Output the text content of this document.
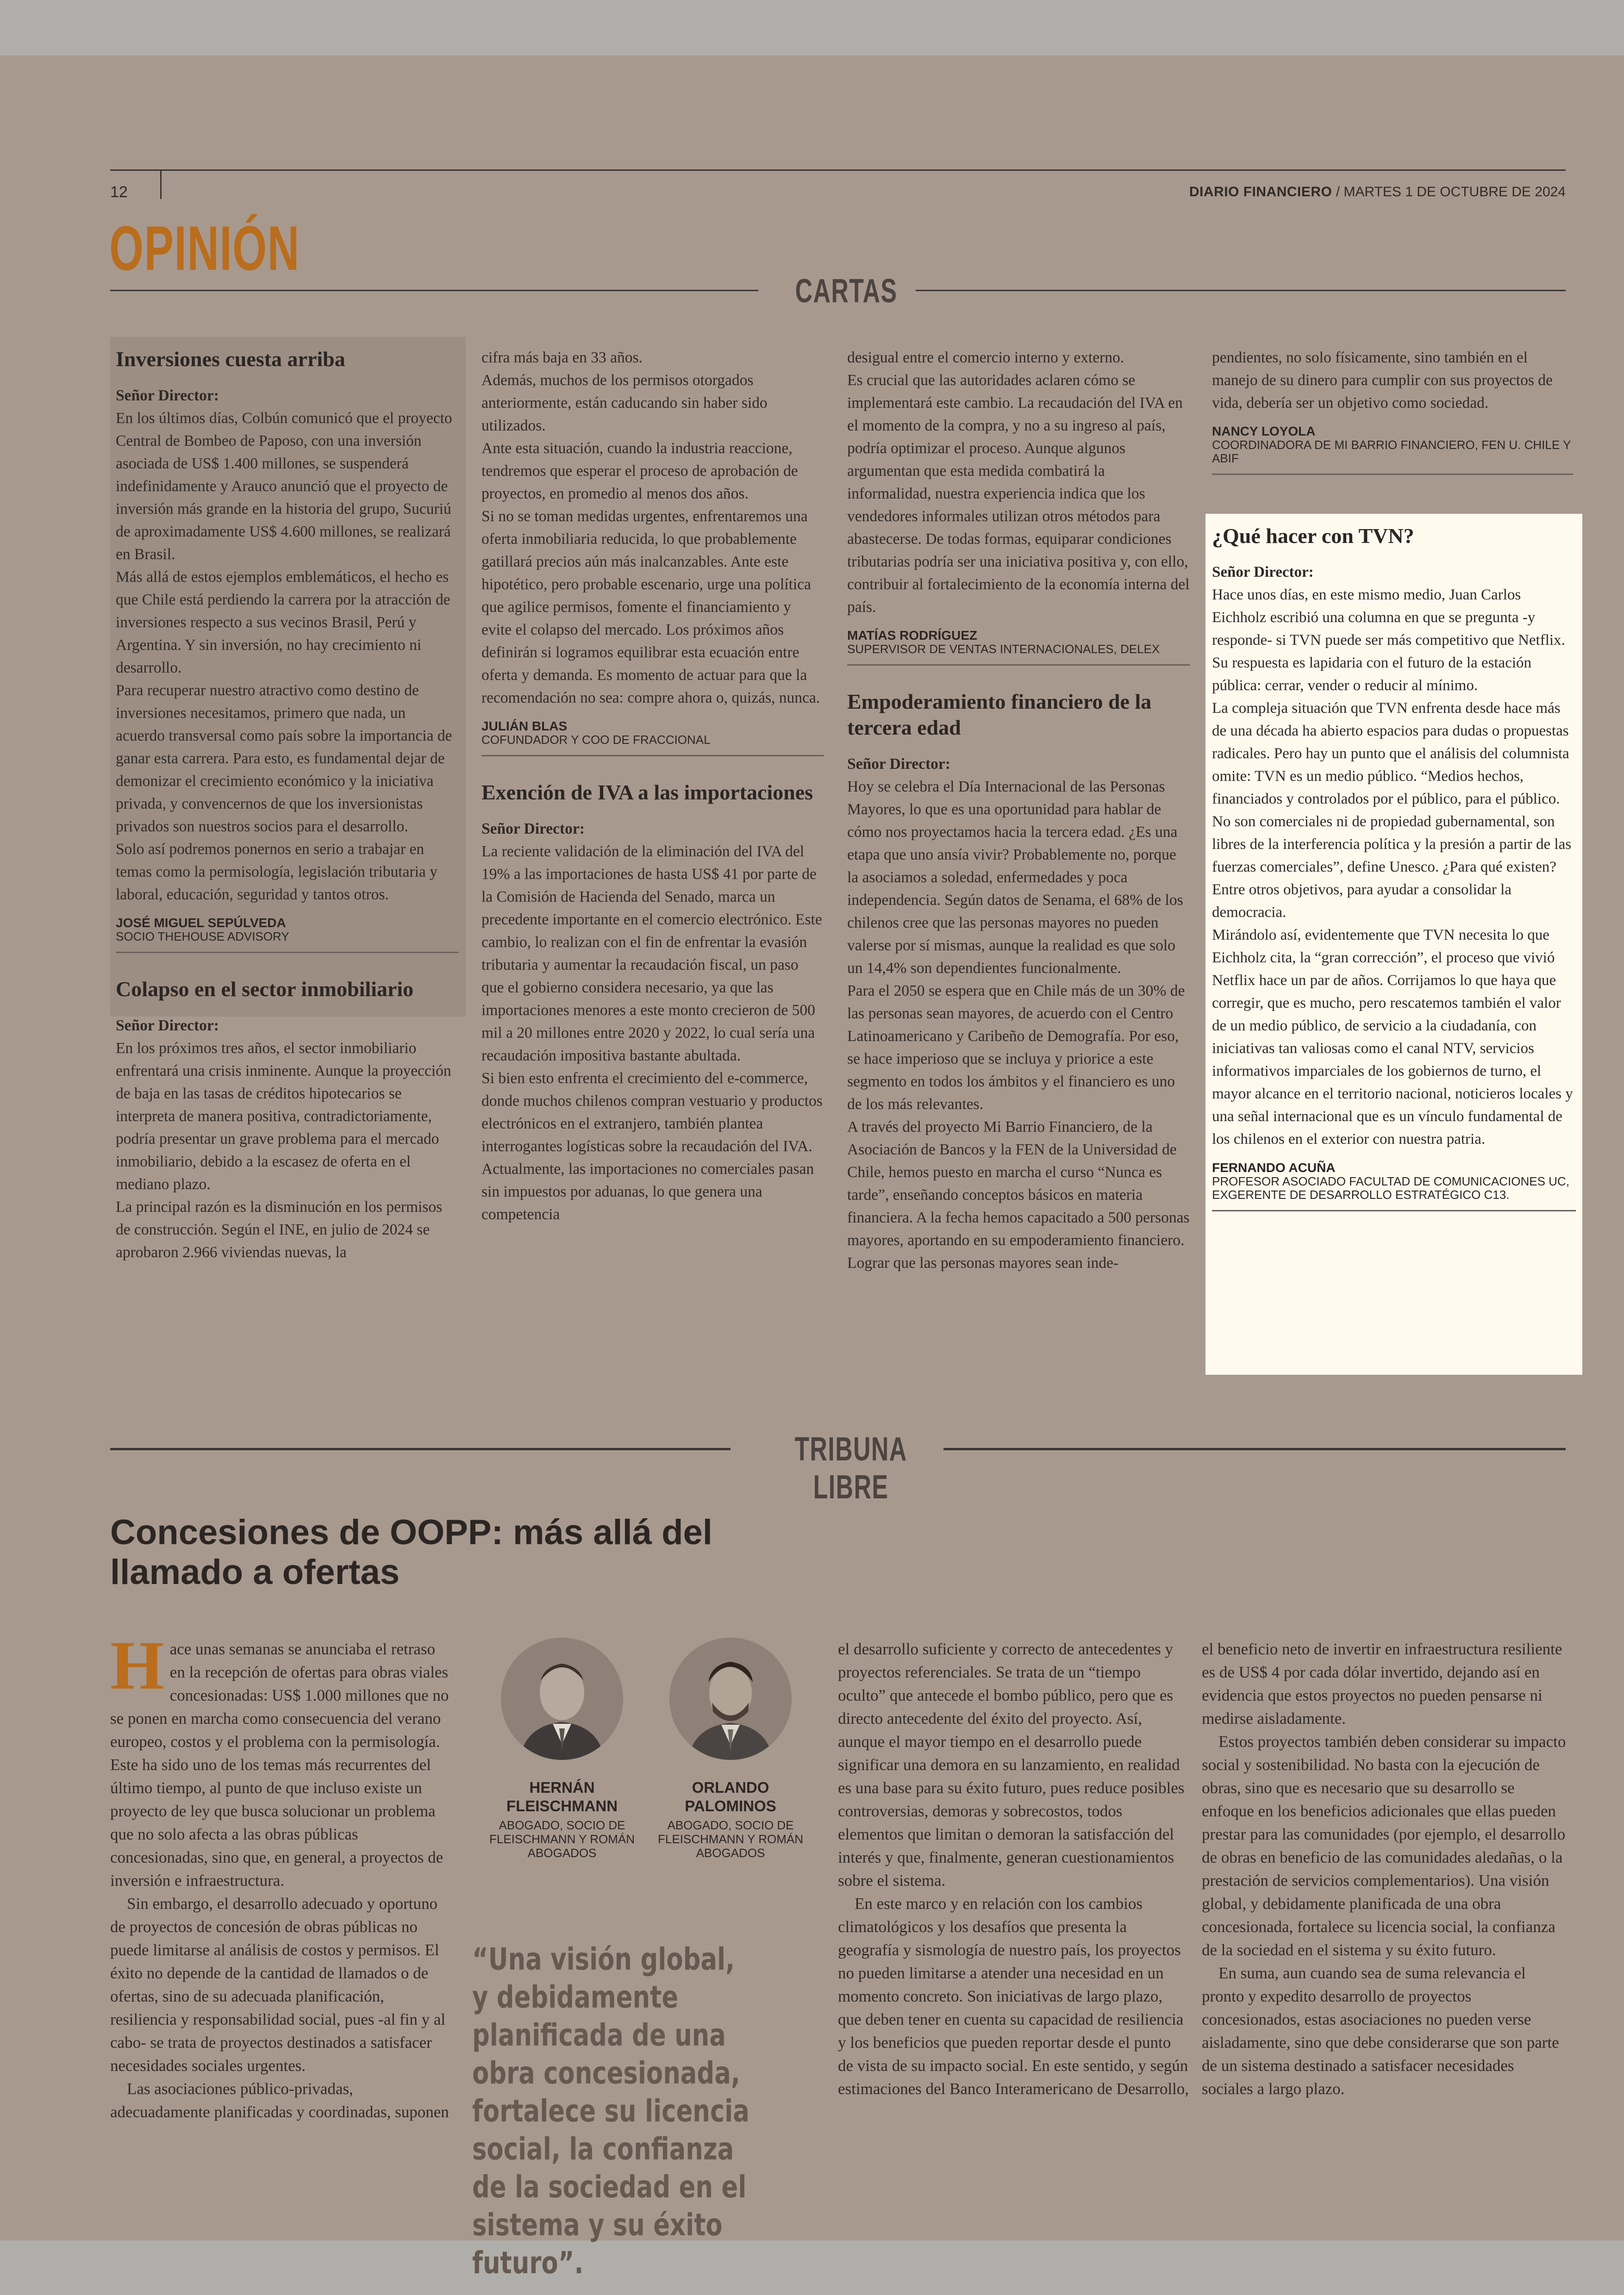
12	DIARIO FINANCIERO / MARTES 1 DE OCTUBRE DE 2024
OPINIÓN
CARTAS
Inversiones cuesta arriba

Señor Director:

En los últimos días, Colbún comunicó que el proyecto Central de Bombeo de Paposo, con una inversión asociada de US$ 1.400 millones, se suspenderá indefinidamente y Arauco anunció que el proyecto de inversión más grande en la historia del grupo, Sucuriú de aproximadamente US$ 4.600 millones, se realizará en Brasil.

Más allá de estos ejemplos emblemáticos, el hecho es que Chile está perdiendo la carrera por la atracción de inversiones respecto a sus vecinos Brasil, Perú y Argentina. Y sin inversión, no hay crecimiento ni desarrollo.

Para recuperar nuestro atractivo como destino de inversiones necesitamos, primero que nada, un acuerdo transversal como país sobre la importancia de ganar esta carrera. Para esto, es fundamental dejar de demonizar el crecimiento económico y la iniciativa privada, y convencernos de que los inversionistas privados son nuestros socios para el desarrollo.

Solo así podremos ponernos en serio a trabajar en temas como la permisología, legislación tributaria y laboral, educación, seguridad y tantos otros.

JOSÉ MIGUEL SEPÚLVEDA
SOCIO THEHOUSE ADVISORY
Colapso en el sector inmobiliario

Señor Director:

En los próximos tres años, el sector inmobiliario enfrentará una crisis inminente. Aunque la proyección de baja en las tasas de créditos hipotecarios se interpreta de manera positiva, contradictoriamente, podría presentar un grave problema para el mercado inmobiliario, debido a la escasez de oferta en el mediano plazo.

La principal razón es la disminución en los permisos de construcción. Según el INE, en julio de 2024 se aprobaron 2.966 viviendas nuevas, la

cifra más baja en 33 años.

Además, muchos de los permisos otorgados anteriormente, están caducando sin haber sido utilizados.

Ante esta situación, cuando la industria reaccione, tendremos que esperar el proceso de aprobación de proyectos, en promedio al menos dos años.

Si no se toman medidas urgentes, enfrentaremos una oferta inmobiliaria reducida, lo que probablemente gatillará precios aún más inalcanzables. Ante este hipotético, pero probable escenario, urge una política que agilice permisos, fomente el financiamiento y evite el colapso del mercado. Los próximos años definirán si logramos equilibrar esta ecuación entre oferta y demanda. Es momento de actuar para que la recomendación no sea: compre ahora o, quizás, nunca.

JULIÁN BLAS
COFUNDADOR Y COO DE FRACCIONAL
Exención de IVA a las importaciones

Señor Director:

La reciente validación de la eliminación del IVA del 19% a las importaciones de hasta US$ 41 por parte de la Comisión de Hacienda del Senado, marca un precedente importante en el comercio electrónico. Este cambio, lo realizan con el fin de enfrentar la evasión tributaria y aumentar la recaudación fiscal, un paso que el gobierno considera necesario, ya que las importaciones menores a este monto crecieron de 500 mil a 20 millones entre 2020 y 2022, lo cual sería una recaudación impositiva bastante abultada.

Si bien esto enfrenta el crecimiento del e-commerce, donde muchos chilenos compran vestuario y productos electrónicos en el extranjero, también plantea interrogantes logísticas sobre la recaudación del IVA. Actualmente, las importaciones no comerciales pasan sin impuestos por aduanas, lo que genera una competencia

desigual entre el comercio interno y externo.

Es crucial que las autoridades aclaren cómo se implementará este cambio. La recaudación del IVA en el momento de la compra, y no a su ingreso al país, podría optimizar el proceso. Aunque algunos argumentan que esta medida combatirá la informalidad, nuestra experiencia indica que los vendedores informales utilizan otros métodos para abastecerse. De todas formas, equiparar condiciones tributarias podría ser una iniciativa positiva y, con ello, contribuir al fortalecimiento de la economía interna del país.

MATÍAS RODRÍGUEZ
SUPERVISOR DE VENTAS INTERNACIONALES, DELEX
Empoderamiento financiero de la tercera edad

Señor Director:

Hoy se celebra el Día Internacional de las Personas Mayores, lo que es una oportunidad para hablar de cómo nos proyectamos hacia la tercera edad. ¿Es una etapa que uno ansía vivir? Probablemente no, porque la asociamos a soledad, enfermedades y poca independencia. Según datos de Senama, el 68% de los chilenos cree que las personas mayores no pueden valerse por sí mismas, aunque la realidad es que solo un 14,4% son dependientes funcionalmente.

Para el 2050 se espera que en Chile más de un 30% de las personas sean mayores, de acuerdo con el Centro Latinoamericano y Caribeño de Demografía. Por eso, se hace imperioso que se incluya y priorice a este segmento en todos los ámbitos y el financiero es uno de los más relevantes.

A través del proyecto Mi Barrio Financiero, de la Asociación de Bancos y la FEN de la Universidad de Chile, hemos puesto en marcha el curso “Nunca es tarde”, enseñando conceptos básicos en materia financiera. A la fecha hemos capacitado a 500 personas mayores, aportando en su empoderamiento financiero.

Lograr que las personas mayores sean inde-

pendientes, no solo físicamente, sino también en el manejo de su dinero para cumplir con sus proyectos de vida, debería ser un objetivo como sociedad.

NANCY LOYOLA
COORDINADORA DE MI BARRIO FINANCIERO, FEN U. CHILE Y ABIF
¿Qué hacer con TVN?

Señor Director:

Hace unos días, en este mismo medio, Juan Carlos Eichholz escribió una columna en que se pregunta -y responde- si TVN puede ser más competitivo que Netflix. Su respuesta es lapidaria con el futuro de la estación pública: cerrar, vender o reducir al mínimo.

La compleja situación que TVN enfrenta desde hace más de una década ha abierto espacios para dudas o propuestas radicales. Pero hay un punto que el análisis del columnista omite: TVN es un medio público. “Medios hechos, financiados y controlados por el público, para el público. No son comerciales ni de propiedad gubernamental, son libres de la interferencia política y la presión a partir de las fuerzas comerciales”, define Unesco. ¿Para qué existen? Entre otros objetivos, para ayudar a consolidar la democracia.

Mirándolo así, evidentemente que TVN necesita lo que Eichholz cita, la “gran corrección”, el proceso que vivió Netflix hace un par de años. Corrijamos lo que haya que corregir, que es mucho, pero rescatemos también el valor de un medio público, de servicio a la ciudadanía, con iniciativas tan valiosas como el canal NTV, servicios informativos imparciales de los gobiernos de turno, el mayor alcance en el territorio nacional, noticieros locales y una señal internacional que es un vínculo fundamental de los chilenos en el exterior con nuestra patria.

FERNANDO ACUÑA
PROFESOR ASOCIADO FACULTAD DE COMUNICACIONES UC, EXGERENTE DE DESARROLLO ESTRATÉGICO C13.
TRIBUNA LIBRE
Concesiones de OOPP: más allá del llamado a ofertas

Hace unas semanas se anunciaba el retraso en la recepción de ofertas para obras viales concesionadas: US$ 1.000 millones que no se ponen en marcha como consecuencia del verano europeo, costos y el problema con la permisología. Este ha sido uno de los temas más recurrentes del último tiempo, al punto de que incluso existe un proyecto de ley que busca solucionar un problema que no solo afecta a las obras públicas concesionadas, sino que, en general, a proyectos de inversión e infraestructura.

Sin embargo, el desarrollo adecuado y oportuno de proyectos de concesión de obras públicas no puede limitarse al análisis de costos y permisos. El éxito no depende de la cantidad de llamados o de ofertas, sino de su adecuada planificación, resiliencia y responsabilidad social, pues -al fin y al cabo- se trata de proyectos destinados a satisfacer necesidades sociales urgentes.

Las asociaciones público-privadas, adecuadamente planificadas y coordinadas, suponen

HERNÁN FLEISCHMANN
ABOGADO, SOCIO DE FLEISCHMANN Y ROMÁN ABOGADOS
ORLANDO PALOMINOS
ABOGADO, SOCIO DE FLEISCHMANN Y ROMÁN ABOGADOS
“Una visión global, y debidamente planificada de una obra concesionada, fortalece su licencia social, la confianza de la sociedad en el sistema y su éxito futuro”.

el desarrollo suficiente y correcto de antecedentes y proyectos referenciales. Se trata de un “tiempo oculto” que antecede el bombo público, pero que es directo antecedente del éxito del proyecto. Así, aunque el mayor tiempo en el desarrollo puede significar una demora en su lanzamiento, en realidad es una base para su éxito futuro, pues reduce posibles controversias, demoras y sobrecostos, todos elementos que limitan o demoran la satisfacción del interés y que, finalmente, generan cuestionamientos sobre el sistema.

En este marco y en relación con los cambios climatológicos y los desafíos que presenta la geografía y sismología de nuestro país, los proyectos no pueden limitarse a atender una necesidad en un momento concreto. Son iniciativas de largo plazo, que deben tener en cuenta su capacidad de resiliencia y los beneficios que pueden reportar desde el punto de vista de su impacto social. En este sentido, y según estimaciones del Banco Interamericano de Desarrollo,

el beneficio neto de invertir en infraestructura resiliente es de US$ 4 por cada dólar invertido, dejando así en evidencia que estos proyectos no pueden pensarse ni medirse aisladamente.

Estos proyectos también deben considerar su impacto social y sostenibilidad. No basta con la ejecución de obras, sino que es necesario que su desarrollo se enfoque en los beneficios adicionales que ellas pueden prestar para las comunidades (por ejemplo, el desarrollo de obras en beneficio de las comunidades aledañas, o la prestación de servicios complementarios). Una visión global, y debidamente planificada de una obra concesionada, fortalece su licencia social, la confianza de la sociedad en el sistema y su éxito futuro.

En suma, aun cuando sea de suma relevancia el pronto y expedito desarrollo de proyectos concesionados, estas asociaciones no pueden verse aisladamente, sino que debe considerarse que son parte de un sistema destinado a satisfacer necesidades sociales a largo plazo.
